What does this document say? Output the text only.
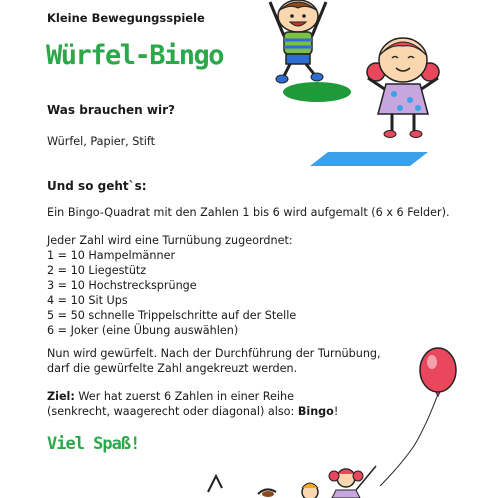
Kleine Bewegungsspiele
Würfel-Bingo
Was brauchen wir?
Würfel, Papier, Stift
Und so geht`s:
Ein Bingo-Quadrat mit den Zahlen 1 bis 6 wird aufgemalt (6 x 6 Felder).
Jeder Zahl wird eine Turnübung zugeordnet:
1 = 10 Hampelmänner
2 = 10 Liegestütz
3 = 10 Hochstrecksprünge
4 = 10 Sit Ups
5 = 50 schnelle Trippelschritte auf der Stelle
6 = Joker (eine Übung auswählen)
Nun wird gewürfelt. Nach der Durchführung der Turnübung,
darf die gewürfelte Zahl angekreuzt werden.
Ziel: Wer hat zuerst 6 Zahlen in einer Reihe
(senkrecht, waagerecht oder diagonal) also: Bingo!
Viel Spaß!
